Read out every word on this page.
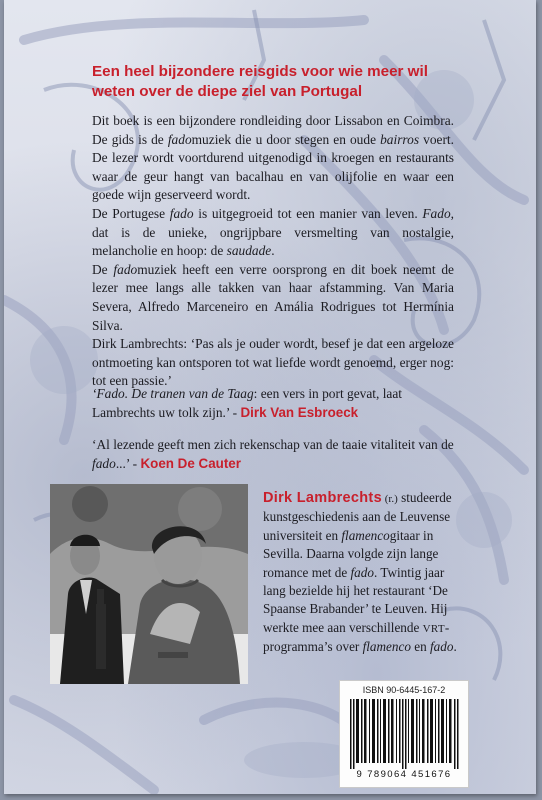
Een heel bijzondere reisgids voor wie meer wil
weten over de diepe ziel van Portugal

Dit boek is een bijzondere rondleiding door Lissabon en Coimbra. De gids is de fadomuziek die u door stegen en oude bairros voert. De lezer wordt voortdurend uitgenodigd in kroegen en restaurants waar de geur hangt van bacalhau en van olijfolie en waar een goede wijn geserveerd wordt.

De Portugese fado is uitgegroeid tot een manier van leven. Fado, dat is de unieke, ongrijpbare versmelting van nostalgie, melancholie en hoop: de saudade.

De fadomuziek heeft een verre oorsprong en dit boek neemt de lezer mee langs alle takken van haar afstamming. Van Maria Severa, Alfredo Marceneiro en Amália Rodrigues tot Hermínia Silva.

Dirk Lambrechts: ‘Pas als je ouder wordt, besef je dat een argeloze ontmoeting kan ontsporen tot wat liefde wordt genoemd, erger nog: tot een passie.’

‘Fado. De tranen van de Taag: een vers in port gevat, laat Lambrechts uw tolk zijn.’ - Dirk Van Esbroeck
‘Al lezende geeft men zich rekenschap van de taaie vitaliteit van de fado...’ - Koen De Cauter
Dirk Lambrechts (r.) studeerde kunstgeschiedenis aan de Leuvense universiteit en flamencogitaar in Sevilla. Daarna volgde zijn lange romance met de fado. Twintig jaar lang bezielde hij het restaurant ‘De Spaanse Brabander’ te Leuven. Hij werkte mee aan verschillende VRT-programma’s over flamenco en fado.
ISBN 90-6445-167-2
9 789064 451676
